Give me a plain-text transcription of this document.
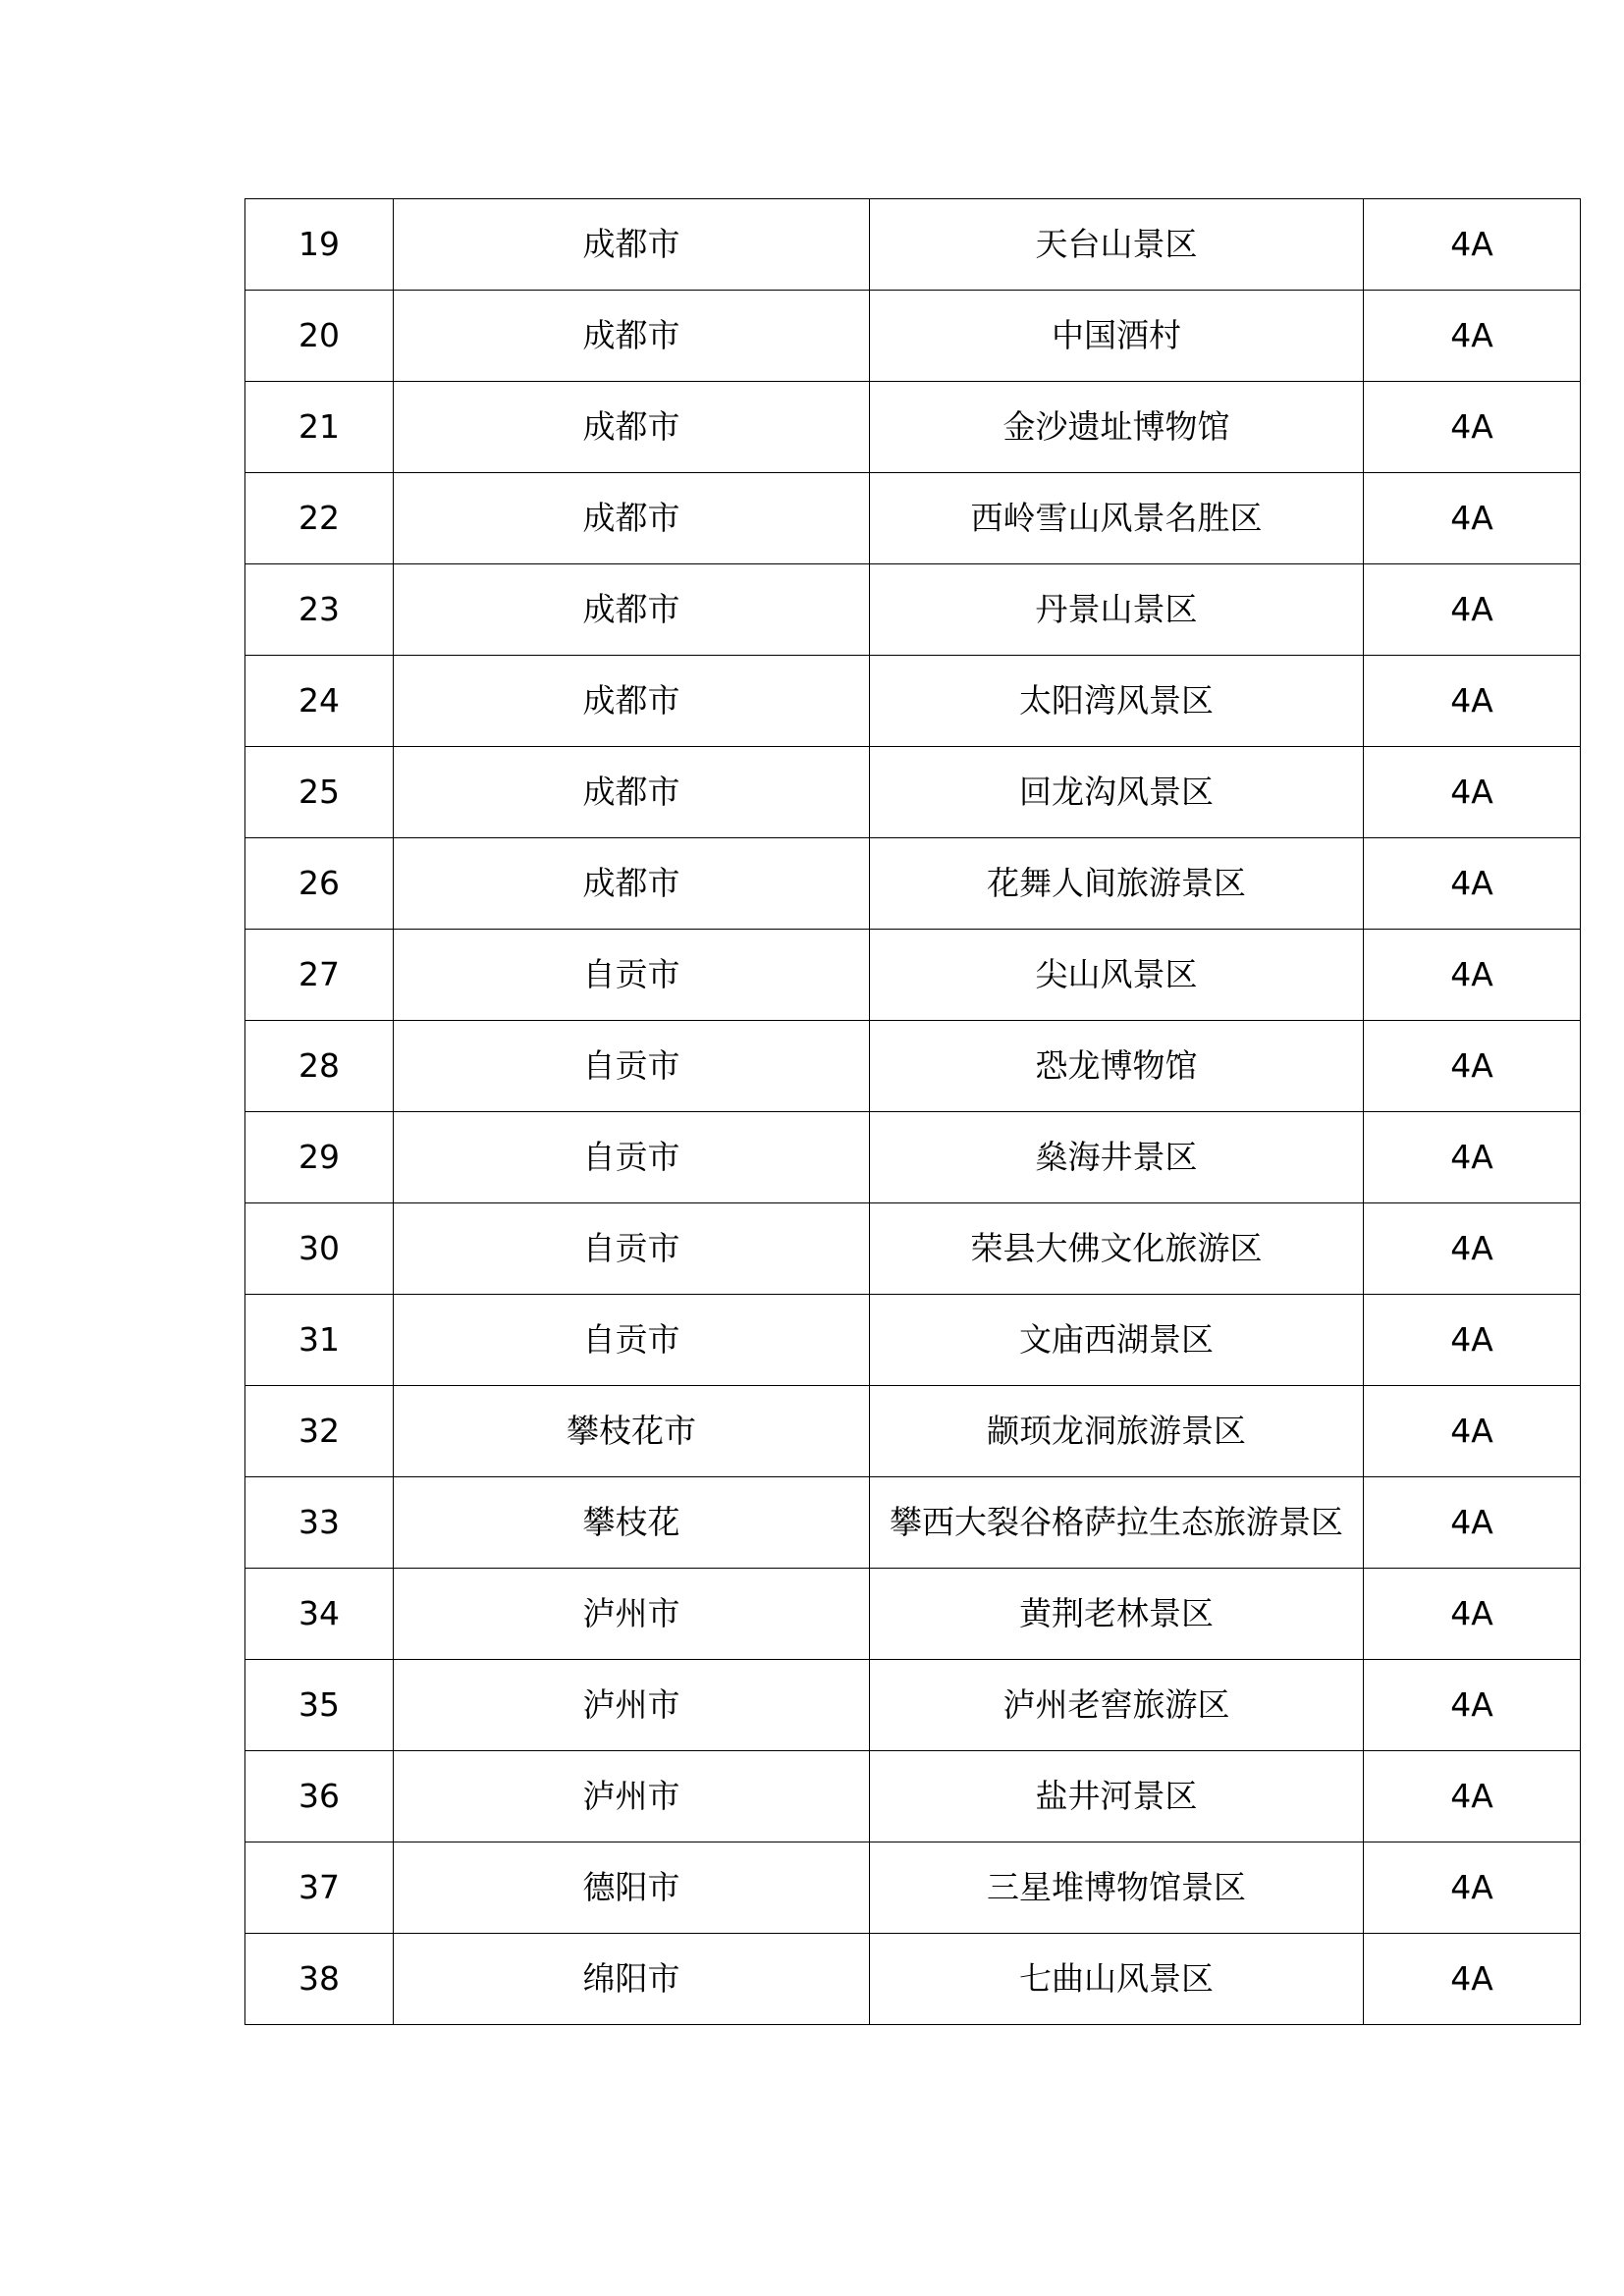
19	成都市	天台山景区	4A
20	成都市	中国酒村	4A
21	成都市	金沙遗址博物馆	4A
22	成都市	西岭雪山风景名胜区	4A
23	成都市	丹景山景区	4A
24	成都市	太阳湾风景区	4A
25	成都市	回龙沟风景区	4A
26	成都市	花舞人间旅游景区	4A
27	自贡市	尖山风景区	4A
28	自贡市	恐龙博物馆	4A
29	自贡市	燊海井景区	4A
30	自贡市	荣县大佛文化旅游区	4A
31	自贡市	文庙西湖景区	4A
32	攀枝花市	颛顼龙洞旅游景区	4A
33	攀枝花	攀西大裂谷格萨拉生态旅游景区	4A
34	泸州市	黄荆老林景区	4A
35	泸州市	泸州老窖旅游区	4A
36	泸州市	盐井河景区	4A
37	德阳市	三星堆博物馆景区	4A
38	绵阳市	七曲山风景区	4A
